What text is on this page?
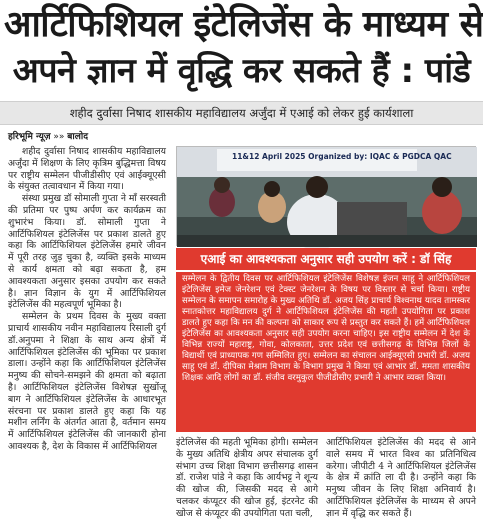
आर्टिफिशियल इंटेलिजेंस के माध्यम से
अपने ज्ञान में वृद्धि कर सकते हैं : पांडे
शहीद दुर्वासा निषाद शासकीय महाविद्यालय अर्जुंदा में एआई को लेकर हुई कार्यशाला
हरिभूमि न्यूज़ »» बालोद

शहीद दुर्वासा निषाद शासकीय महाविद्यालय अर्जुंदा में शिक्षण के लिए कृत्रिम बुद्धिमत्ता विषय पर राष्ट्रीय सम्मेलन पीजीडीसीए एवं आईक्यूएसी के संयुक्त तत्वावधान में किया गया।

संस्था प्रमुख डॉ सोमाली गुप्ता ने माँ सरस्वती की प्रतिमा पर पुष्प अर्पण कर कार्यक्रम का शुभारंभ किया। डॉ. सोमाली गुप्ता ने आर्टिफिशियल इंटेलिजेंस पर प्रकाश डालते हुए कहा कि आर्टिफिशियल इंटेलिजेंस हमारे जीवन में पूरी तरह जुड़ चुका है, व्यक्ति इसके माध्यम से कार्य क्षमता को बढ़ा सकता है, हम आवश्यकता अनुसार इसका उपयोग कर सकते है। ज्ञान विज्ञान के युग में आर्टिफिशियल इंटेलिजेंस की महत्वपूर्ण भूमिका है।

सम्मेलन के प्रथम दिवस के मुख्य वक्ता प्राचार्य शासकीय नवीन महाविद्यालय रिसाली दुर्ग डॉ.अनुपमा ने शिक्षा के साथ अन्य क्षेत्रों में आर्टिफिशियल इंटेलिजेंस की भूमिका पर प्रकाश डाला। उन्होंने कहा कि आर्टिफिशियल इंटेलिजेंस मनुष्य की सोचने-समझने की क्षमता को बढ़ाता है। आर्टिफिशियल इंटेलिजेंस विशेषज्ञ सुखोंजू बाग ने आर्टिफिशियल इंटेलिजेंस के आधारभूत संरचना पर प्रकाश डालते हुए कहा कि यह मशीन लर्निंग के अंतर्गत आता है, वर्तमान समय में आर्टिफिशियल इंटेलिजेंस की जानकारी होना आवश्यक है, देश के विकास में आर्टिफिशियल

11&12 April 2025 Organized by: IQAC & PGDCA QAC
एआई का आवश्यकता अनुसार सही उपयोग करें : डॉ सिंह
सम्मेलन के द्वितीय दिवस पर आर्टिफिशियल इंटेलिजेंस विशेषज्ञ इंजन साहू ने आर्टिफिशियल इंटेलिजेंस इमेज जेनरेशन एवं टेक्स्ट जेनरेशन के विषय पर विस्तार से चर्चा किया। राष्ट्रीय सम्मेलन के समापन समारोह के मुख्य अतिथि डॉ. अजय सिंह प्राचार्य विश्वनाथ यादव तामस्कर स्नातकोत्तर महाविद्यालय दुर्ग ने आर्टिफिशियल इंटेलिजेंस की महती उपयोगिता पर प्रकाश डालते हुए कहा कि मन की कल्पना को साकार रूप से प्रस्तुत कर सकते हैं। हमें आर्टिफिशियल इंटेलिजेंस का आवश्यकता अनुसार सही उपयोग करना चाहिए। इस राष्ट्रीय सम्मेलन में देश के विभिन्न राज्यों महाराष्ट्र, गोवा, कोलकाता, उत्तर प्रदेश एवं छत्तीसगढ़ के विभिन्न जिलों के विद्यार्थी एवं प्राध्यापक गण सम्मिलित हुए। सम्मेलन का संचालन आईक्यूएसी प्रभारी डॉ. अजय साहू एवं डॉ. दीपिका मेश्राम विभाग के विभाग प्रमुख ने किया एवं आभार डॉ. ममता शासकीय शिक्षक आदि लोगों का डॉ. संजीव वरमुकुल पीजीडीसीए प्रभारी ने आभार व्यक्त किया।
इंटेलिजेंस की महती भूमिका होगी। सम्मेलन के मुख्य अतिथि क्षेत्रीय अपर संचालक दुर्ग संभाग उच्च शिक्षा विभाग छत्तीसगढ़ शासन डॉ. राजेश पांडे ने कहा कि आर्यभट्ट ने शून्य की खोज की, जिसकी मदद से आगे चलकर कंप्यूटर की खोज हुई, इंटरनेट की खोज से कंप्यूटर की उपयोगिता पता चली,
आर्टिफिशियल इंटेलिजेंस की मदद से आने वाले समय में भारत विश्व का प्रतिनिधित्व करेगा। जीपीटी 4 ने आर्टिफिशियल इंटेलिजेंस के क्षेत्र में क्रांति ला दी है। उन्होंने कहा कि मनुष्य जीवन के लिए शिक्षा अनिवार्य है। आर्टिफिशियल इंटेलिजेंस के माध्यम से अपने ज्ञान में वृद्धि कर सकते हैं।
